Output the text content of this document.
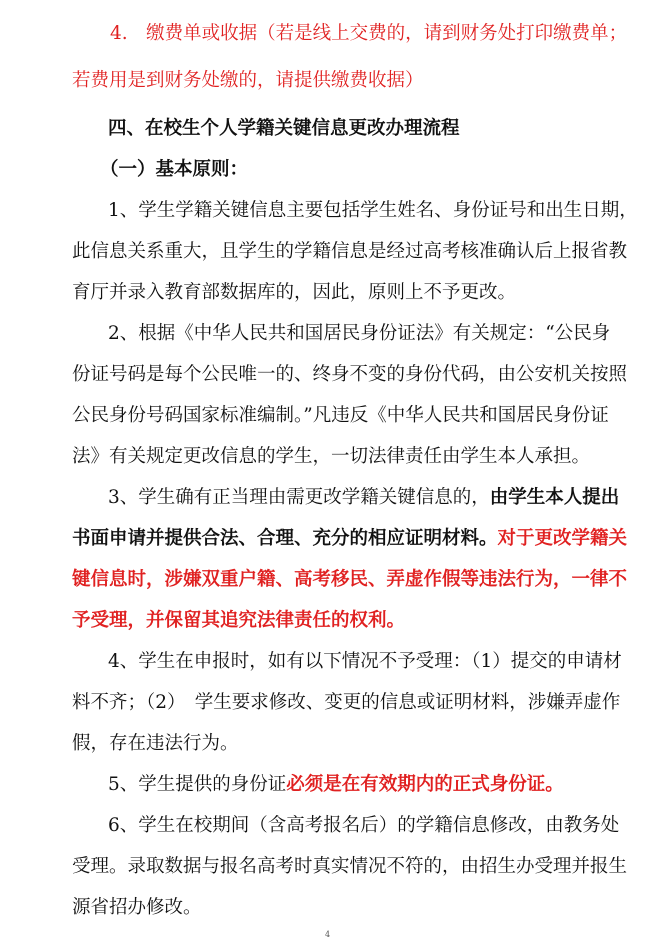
4.　缴费单或收据（若是线上交费的，请到财务处打印缴费单；
若费用是到财务处缴的，请提供缴费收据）
四、在校生个人学籍关键信息更改办理流程
（一）基本原则：
1、学生学籍关键信息主要包括学生姓名、身份证号和出生日期，
此信息关系重大，且学生的学籍信息是经过高考核准确认后上报省教
育厅并录入教育部数据库的，因此，原则上不予更改。
2、根据《中华人民共和国居民身份证法》有关规定：“公民身
份证号码是每个公民唯一的、终身不变的身份代码，由公安机关按照
公民身份号码国家标准编制。”凡违反《中华人民共和国居民身份证
法》有关规定更改信息的学生，一切法律责任由学生本人承担。
3、学生确有正当理由需更改学籍关键信息的，由学生本人提出
书面申请并提供合法、合理、充分的相应证明材料。对于更改学籍关
键信息时，涉嫌双重户籍、高考移民、弄虚作假等违法行为，一律不
予受理，并保留其追究法律责任的权利。
4、学生在申报时，如有以下情况不予受理：（1）提交的申请材
料不齐；（2）　学生要求修改、变更的信息或证明材料，涉嫌弄虚作
假，存在违法行为。
5、学生提供的身份证必须是在有效期内的正式身份证。
6、学生在校期间（含高考报名后）的学籍信息修改，由教务处
受理。录取数据与报名高考时真实情况不符的，由招生办受理并报生
源省招办修改。
4
